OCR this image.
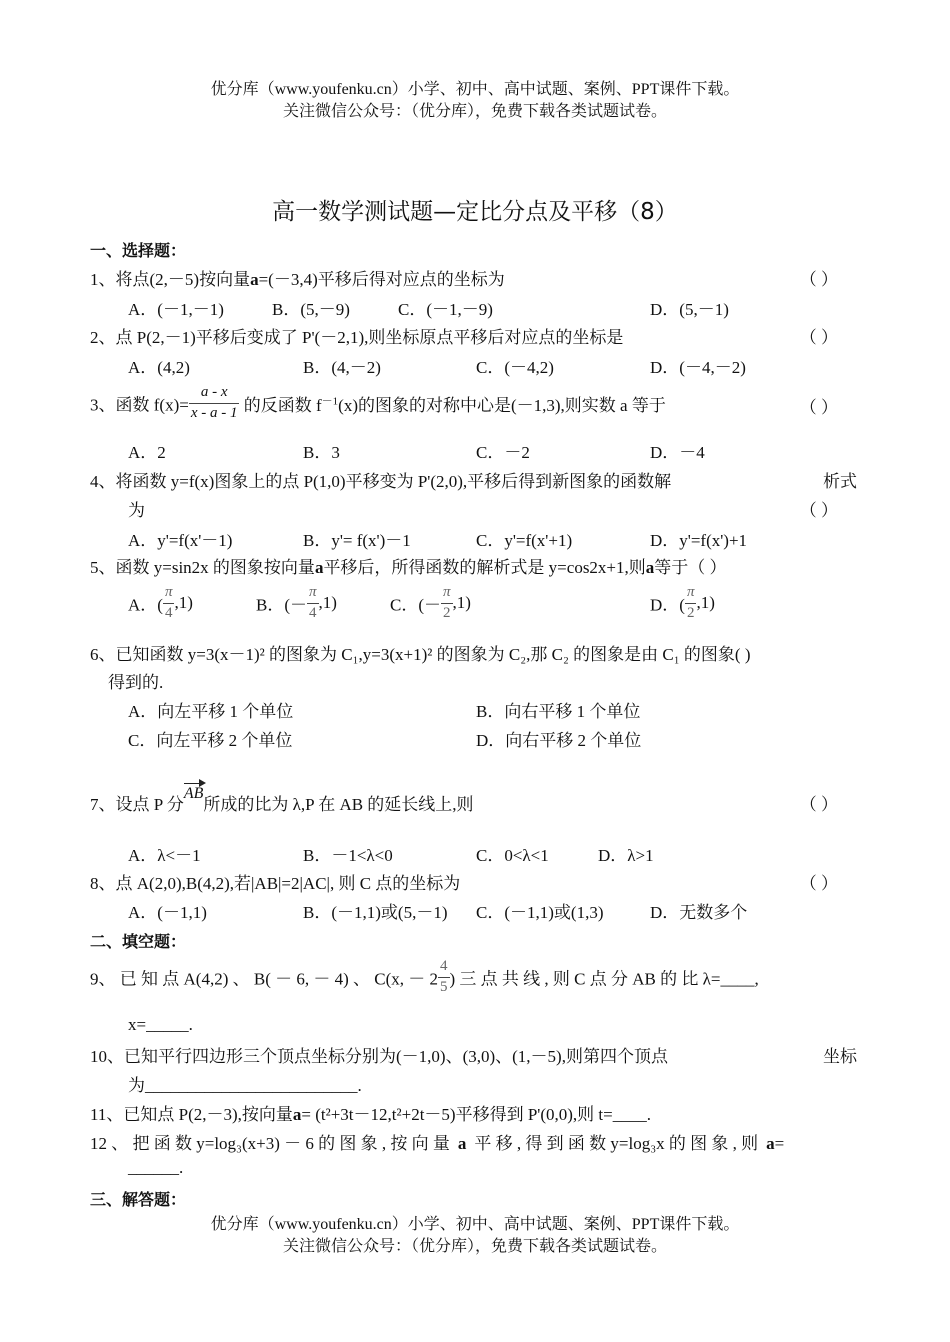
优分库（www.youfenku.cn）小学、初中、高中试题、案例、PPT课件下载。
关注微信公众号：（优分库），免费下载各类试题试卷。
高一数学测试题—定比分点及平移（8）
一、选择题：
1、将点(2,－5)按向量a=(－3,4)平移后得对应点的坐标为	（ ）
A．(－1,－1)	B．(5,－9)	C．(－1,－9)	D．(5,－1)
2、点 P(2,－1)平移后变成了 P'(－2,1),则坐标原点平移后对应点的坐标是	（ ）
A．(4,2)	B．(4,－2)	C．(－4,2)	D．(－4,－2)
3、函数 $f(x)= \frac{a - x}{x - a - 1}$ 的反函数 $f^{-1}(x)$的图象的对称中心是(－1,3),则实数 a 等于	（ ）
A．2	B．3	C．－2	D．－4
4、将函数 y=f(x)图象上的点 P(1,0)平移变为 P'(2,0),平移后得到新图象的函数解	析式
为	（ ）
A．y'=f(x'－1)	B．y'= f(x')－1	C．y'=f(x'+1)	D．y'=f(x')+1
5、函数 y=sin2x 的图象按向量a平移后，所得函数的解析式是 y=cos2x+1,则a等于（ ）
A．( $\frac{\pi}{4} ,1$)	B．(－ $\frac{\pi}{4} ,1$)	C．(－ $\frac{\pi}{2} ,1$)	D．( $\frac{\pi}{2} ,1$)
6、已知函数 y=3(x－1)² 的图象为 C₁,y=3(x+1)² 的图象为 C₂,那 C₂ 的图象是由 C₁ 的图象( )
得到的.
A．向左平移 1 个单位	B．向右平移 1 个单位
C．向左平移 2 个单位	D．向右平移 2 个单位
7、设点 P 分AB所成的比为 λ,P 在 AB 的延长线上,则	（ ）
A．λ<－1	B．－1<λ<0	C．0<λ<1	D．λ>1
8、点 A(2,0),B(4,2),若|AB|=2|AC|, 则 C 点的坐标为	（ ）
A．(－1,1)	B．(－1,1)或(5,－1) C．(－1,1)或(1,3)	D．无数多个
二、填空题：
9、 已 知 点 A(4,2) 、 B( － 6, － 4) 、 C(x, － $2 \frac{4}{5}$ ) 三 点 共 线 , 则 C 点 分 AB 的 比 λ=____,
x=_____.
10、已知平行四边形三个顶点坐标分别为(－1,0)、(3,0)、(1,－5),则第四个顶点	坐标
为_________________________.
11、已知点 P(2,－3),按向量a= (t²+3t－12,t²+2t－5)平移得到 P'(0,0),则 t=____.
12 、 把 函 数 y=log₃(x+3) － 6 的 图 象 , 按 向 量 a 平 移 , 得 到 函 数 y=log₃x 的 图 象 , 则 a=
______.
三、解答题：
优分库（www.youfenku.cn）小学、初中、高中试题、案例、PPT课件下载。
关注微信公众号：（优分库），免费下载各类试题试卷。
